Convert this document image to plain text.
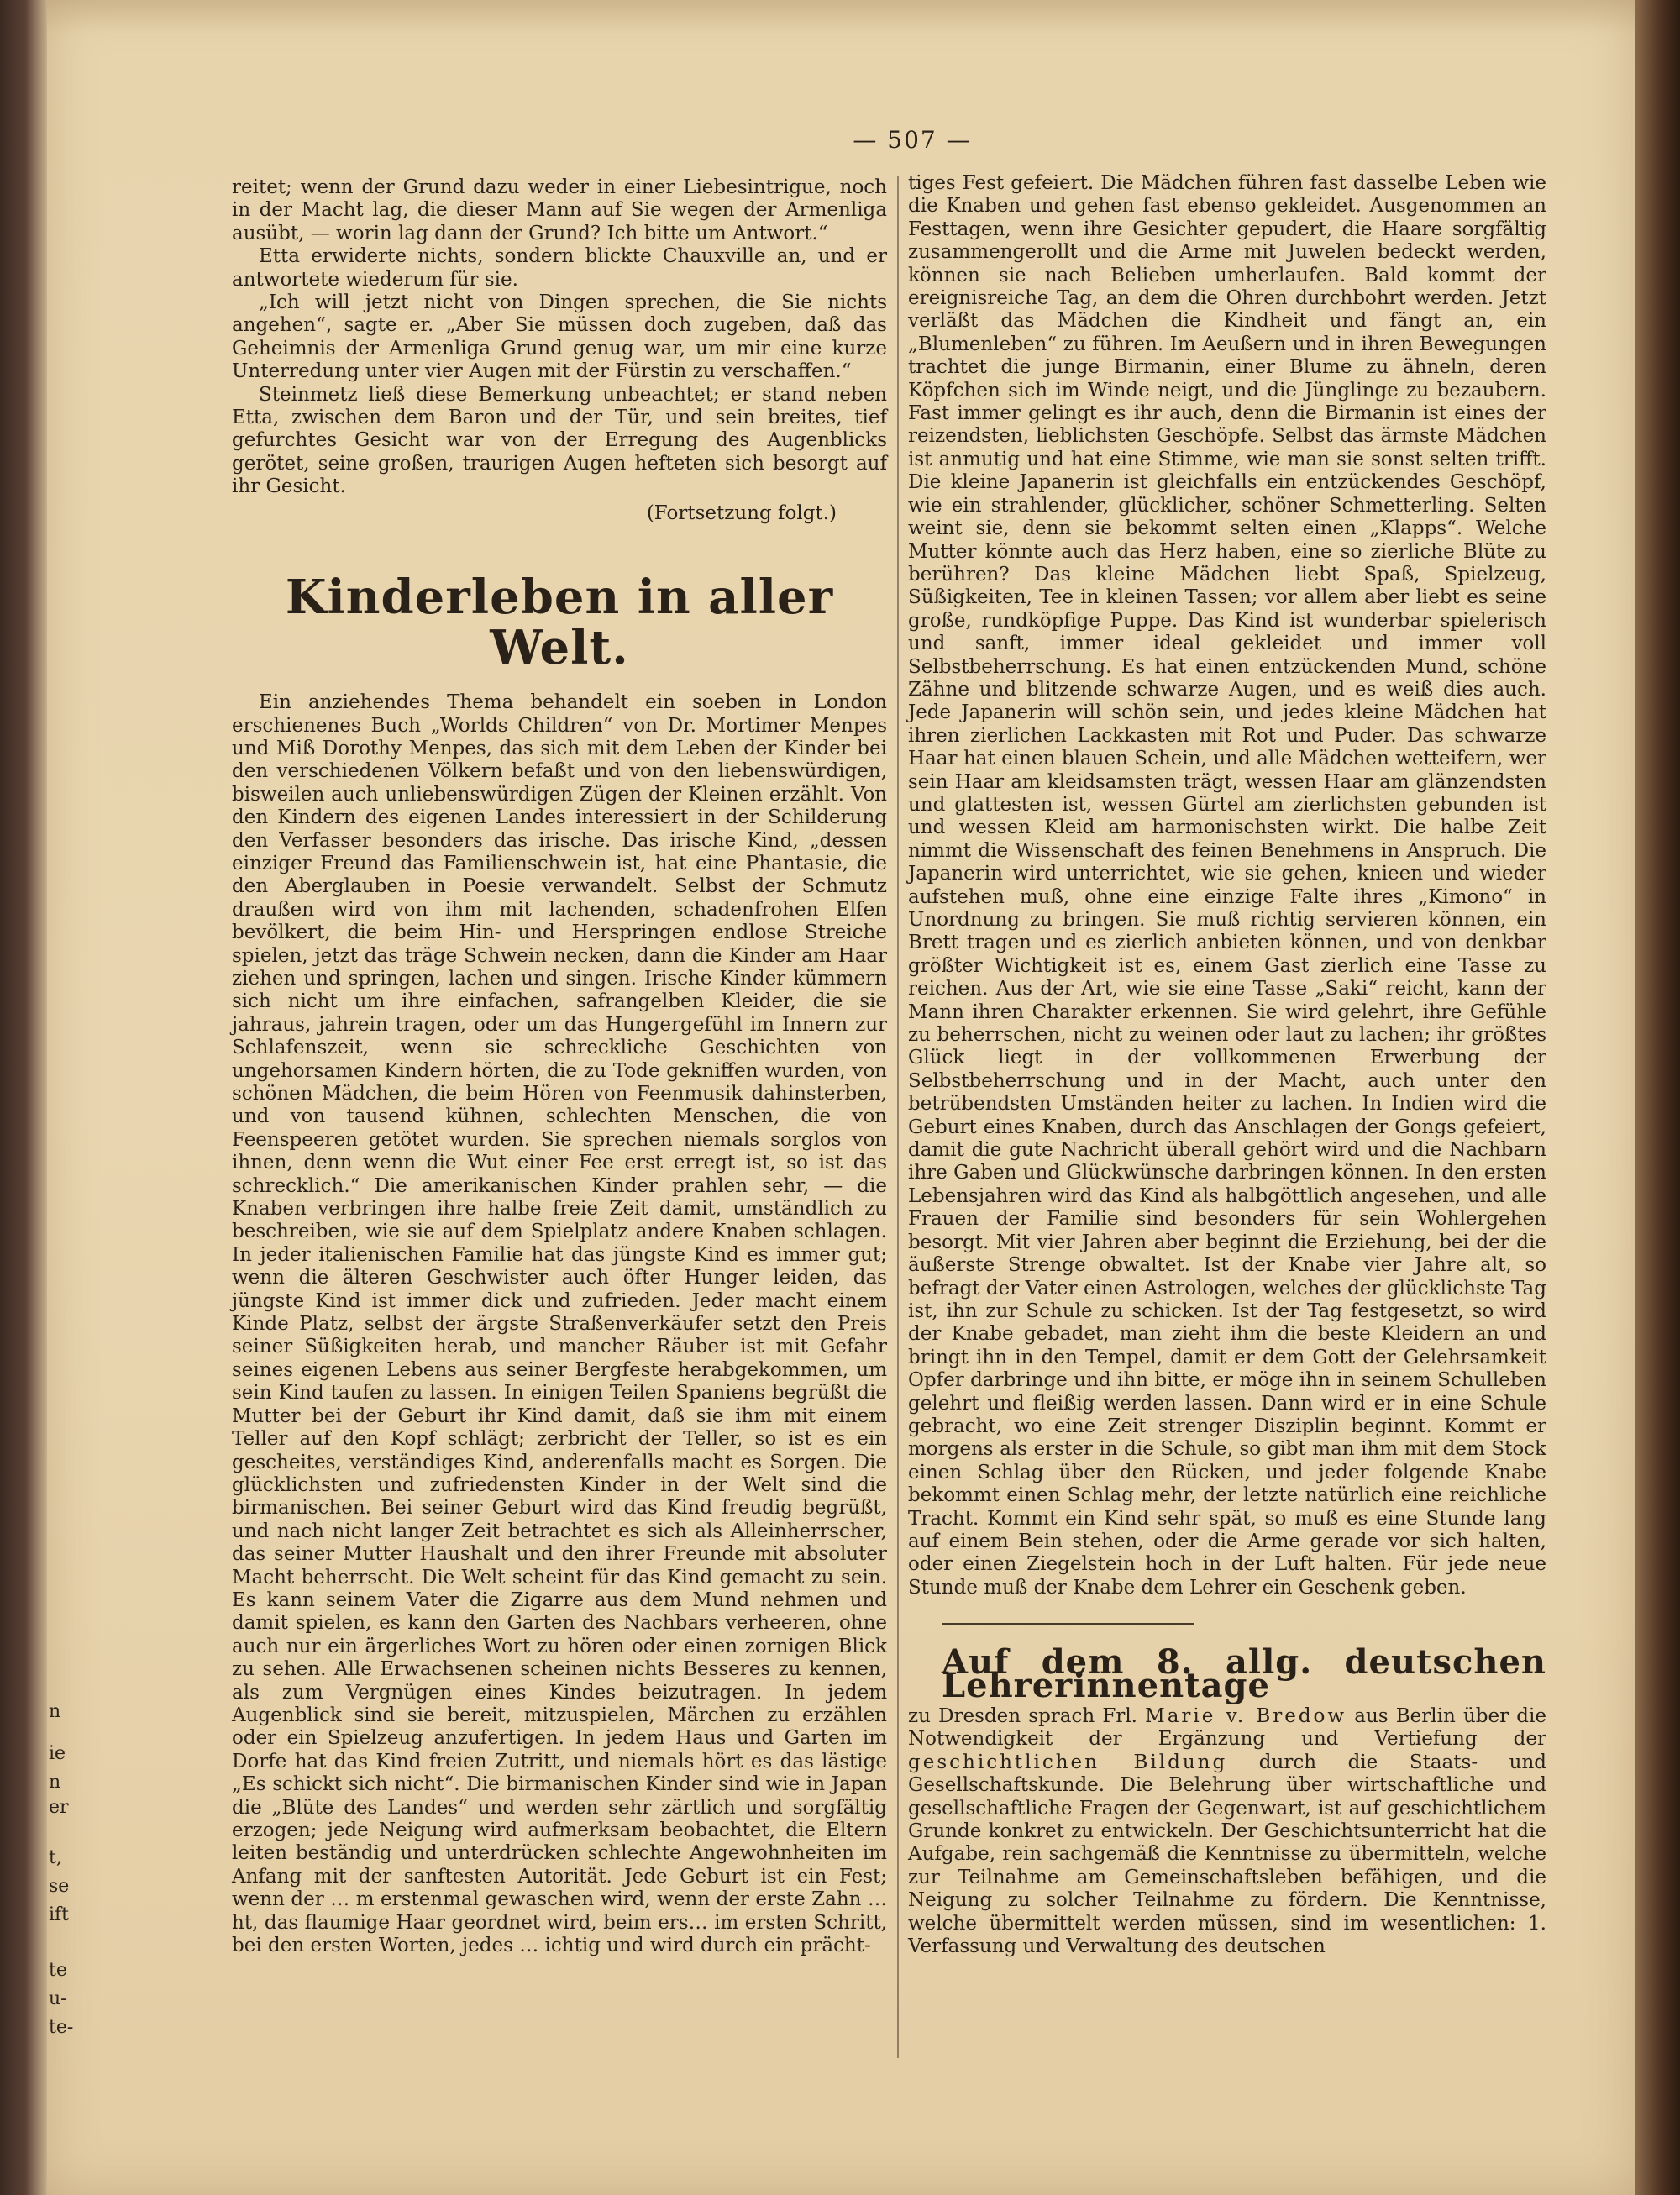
n
ie
n
er
t,
se
ift
te
u-
te-
— 507 —

reitet; wenn der Grund dazu weder in einer Liebesintrigue, noch in der Macht lag, die dieser Mann auf Sie wegen der Armenliga ausübt, — worin lag dann der Grund? Ich bitte um Antwort.“

Etta erwiderte nichts, sondern blickte Chauxville an, und er antwortete wiederum für sie.

„Ich will jetzt nicht von Dingen sprechen, die Sie nichts angehen“, sagte er. „Aber Sie müssen doch zugeben, daß das Geheimnis der Armenliga Grund genug war, um mir eine kurze Unterredung unter vier Augen mit der Fürstin zu verschaffen.“

Steinmetz ließ diese Bemerkung unbeachtet; er stand neben Etta, zwischen dem Baron und der Tür, und sein breites, tief gefurchtes Gesicht war von der Erregung des Augenblicks gerötet, seine großen, traurigen Augen hefteten sich besorgt auf ihr Gesicht.

(Fortsetzung folgt.)

Kinderleben in aller Welt.

Ein anziehendes Thema behandelt ein soeben in London erschienenes Buch „Worlds Children“ von Dr. Mortimer Menpes und Miß Dorothy Menpes, das sich mit dem Leben der Kinder bei den verschiedenen Völkern befaßt und von den liebenswürdigen, bisweilen auch unliebenswürdigen Zügen der Kleinen erzählt. Von den Kindern des eigenen Landes interessiert in der Schilderung den Verfasser besonders das irische. Das irische Kind, „dessen einziger Freund das Familienschwein ist, hat eine Phantasie, die den Aberglauben in Poesie verwandelt. Selbst der Schmutz draußen wird von ihm mit lachenden, schadenfrohen Elfen bevölkert, die beim Hin- und Herspringen endlose Streiche spielen, jetzt das träge Schwein necken, dann die Kinder am Haar ziehen und springen, lachen und singen. Irische Kinder kümmern sich nicht um ihre einfachen, safrangelben Kleider, die sie jahraus, jahrein tragen, oder um das Hungergefühl im Innern zur Schlafenszeit, wenn sie schreckliche Geschichten von ungehorsamen Kindern hörten, die zu Tode gekniffen wurden, von schönen Mädchen, die beim Hören von Feenmusik dahinsterben, und von tausend kühnen, schlechten Menschen, die von Feenspeeren getötet wurden. Sie sprechen niemals sorglos von ihnen, denn wenn die Wut einer Fee erst erregt ist, so ist das schrecklich.“ Die amerikanischen Kinder prahlen sehr, — die Knaben verbringen ihre halbe freie Zeit damit, umständlich zu beschreiben, wie sie auf dem Spielplatz andere Knaben schlagen. In jeder italienischen Familie hat das jüngste Kind es immer gut; wenn die älteren Geschwister auch öfter Hunger leiden, das jüngste Kind ist immer dick und zufrieden. Jeder macht einem Kinde Platz, selbst der ärgste Straßenverkäufer setzt den Preis seiner Süßigkeiten herab, und mancher Räuber ist mit Gefahr seines eigenen Lebens aus seiner Bergfeste herabgekommen, um sein Kind taufen zu lassen. In einigen Teilen Spaniens begrüßt die Mutter bei der Geburt ihr Kind damit, daß sie ihm mit einem Teller auf den Kopf schlägt; zerbricht der Teller, so ist es ein gescheites, verständiges Kind, anderenfalls macht es Sorgen. Die glücklichsten und zufriedensten Kinder in der Welt sind die birmanischen. Bei seiner Geburt wird das Kind freudig begrüßt, und nach nicht langer Zeit betrachtet es sich als Alleinherrscher, das seiner Mutter Haushalt und den ihrer Freunde mit absoluter Macht beherrscht. Die Welt scheint für das Kind gemacht zu sein. Es kann seinem Vater die Zigarre aus dem Mund nehmen und damit spielen, es kann den Garten des Nachbars verheeren, ohne auch nur ein ärgerliches Wort zu hören oder einen zornigen Blick zu sehen. Alle Erwachsenen scheinen nichts Besseres zu kennen, als zum Vergnügen eines Kindes beizutragen. In jedem Augenblick sind sie bereit, mitzuspielen, Märchen zu erzählen oder ein Spielzeug anzufertigen. In jedem Haus und Garten im Dorfe hat das Kind freien Zutritt, und niemals hört es das lästige „Es schickt sich nicht“. Die birmanischen Kinder sind wie in Japan die „Blüte des Landes“ und werden sehr zärtlich und sorgfältig erzogen; jede Neigung wird aufmerksam beobachtet, die Eltern leiten beständig und unterdrücken schlechte Angewohnheiten im Anfang mit der sanftesten Autorität. Jede Geburt ist ein Fest; wenn der … m erstenmal gewaschen wird, wenn der erste Zahn … ht, das flaumige Haar geordnet wird, beim ers… im ersten Schritt, bei den ersten Worten, jedes … ichtig und wird durch ein prächt-

tiges Fest gefeiert. Die Mädchen führen fast dasselbe Leben wie die Knaben und gehen fast ebenso gekleidet. Ausgenommen an Festtagen, wenn ihre Gesichter gepudert, die Haare sorgfältig zusammengerollt und die Arme mit Juwelen bedeckt werden, können sie nach Belieben umherlaufen. Bald kommt der ereignisreiche Tag, an dem die Ohren durchbohrt werden. Jetzt verläßt das Mädchen die Kindheit und fängt an, ein „Blumenleben“ zu führen. Im Aeußern und in ihren Bewegungen trachtet die junge Birmanin, einer Blume zu ähneln, deren Köpfchen sich im Winde neigt, und die Jünglinge zu bezaubern. Fast immer gelingt es ihr auch, denn die Birmanin ist eines der reizendsten, lieblichsten Geschöpfe. Selbst das ärmste Mädchen ist anmutig und hat eine Stimme, wie man sie sonst selten trifft. Die kleine Japanerin ist gleichfalls ein entzückendes Geschöpf, wie ein strahlender, glücklicher, schöner Schmetterling. Selten weint sie, denn sie bekommt selten einen „Klapps“. Welche Mutter könnte auch das Herz haben, eine so zierliche Blüte zu berühren? Das kleine Mädchen liebt Spaß, Spielzeug, Süßigkeiten, Tee in kleinen Tassen; vor allem aber liebt es seine große, rundköpfige Puppe. Das Kind ist wunderbar spielerisch und sanft, immer ideal gekleidet und immer voll Selbstbeherrschung. Es hat einen entzückenden Mund, schöne Zähne und blitzende schwarze Augen, und es weiß dies auch. Jede Japanerin will schön sein, und jedes kleine Mädchen hat ihren zierlichen Lackkasten mit Rot und Puder. Das schwarze Haar hat einen blauen Schein, und alle Mädchen wetteifern, wer sein Haar am kleidsamsten trägt, wessen Haar am glänzendsten und glattesten ist, wessen Gürtel am zierlichsten gebunden ist und wessen Kleid am harmonischsten wirkt. Die halbe Zeit nimmt die Wissenschaft des feinen Benehmens in Anspruch. Die Japanerin wird unterrichtet, wie sie gehen, knieen und wieder aufstehen muß, ohne eine einzige Falte ihres „Kimono“ in Unordnung zu bringen. Sie muß richtig servieren können, ein Brett tragen und es zierlich anbieten können, und von denkbar größter Wichtigkeit ist es, einem Gast zierlich eine Tasse zu reichen. Aus der Art, wie sie eine Tasse „Saki“ reicht, kann der Mann ihren Charakter erkennen. Sie wird gelehrt, ihre Gefühle zu beherrschen, nicht zu weinen oder laut zu lachen; ihr größtes Glück liegt in der vollkommenen Erwerbung der Selbstbeherrschung und in der Macht, auch unter den betrübendsten Umständen heiter zu lachen. In Indien wird die Geburt eines Knaben, durch das Anschlagen der Gongs gefeiert, damit die gute Nachricht überall gehört wird und die Nachbarn ihre Gaben und Glückwünsche darbringen können. In den ersten Lebensjahren wird das Kind als halbgöttlich angesehen, und alle Frauen der Familie sind besonders für sein Wohlergehen besorgt. Mit vier Jahren aber beginnt die Erziehung, bei der die äußerste Strenge obwaltet. Ist der Knabe vier Jahre alt, so befragt der Vater einen Astrologen, welches der glücklichste Tag ist, ihn zur Schule zu schicken. Ist der Tag festgesetzt, so wird der Knabe gebadet, man zieht ihm die beste Kleidern an und bringt ihn in den Tempel, damit er dem Gott der Gelehrsamkeit Opfer darbringe und ihn bitte, er möge ihn in seinem Schulleben gelehrt und fleißig werden lassen. Dann wird er in eine Schule gebracht, wo eine Zeit strenger Disziplin beginnt. Kommt er morgens als erster in die Schule, so gibt man ihm mit dem Stock einen Schlag über den Rücken, und jeder folgende Knabe bekommt einen Schlag mehr, der letzte natürlich eine reichliche Tracht. Kommt ein Kind sehr spät, so muß es eine Stunde lang auf einem Bein stehen, oder die Arme gerade vor sich halten, oder einen Ziegelstein hoch in der Luft halten. Für jede neue Stunde muß der Knabe dem Lehrer ein Geschenk geben.

Auf dem 8. allg. deutschen Lehrerinnentage

zu Dresden sprach Frl. Marie v. Bredow aus Berlin über die Notwendigkeit der Ergänzung und Vertiefung der geschichtlichen Bildung durch die Staats- und Gesellschaftskunde. Die Belehrung über wirtschaftliche und gesellschaftliche Fragen der Gegenwart, ist auf geschichtlichem Grunde konkret zu entwickeln. Der Geschichtsunterricht hat die Aufgabe, rein sachgemäß die Kenntnisse zu übermitteln, welche zur Teilnahme am Gemeinschaftsleben befähigen, und die Neigung zu solcher Teilnahme zu fördern. Die Kenntnisse, welche übermittelt werden müssen, sind im wesentlichen: 1. Verfassung und Verwaltung des deutschen
